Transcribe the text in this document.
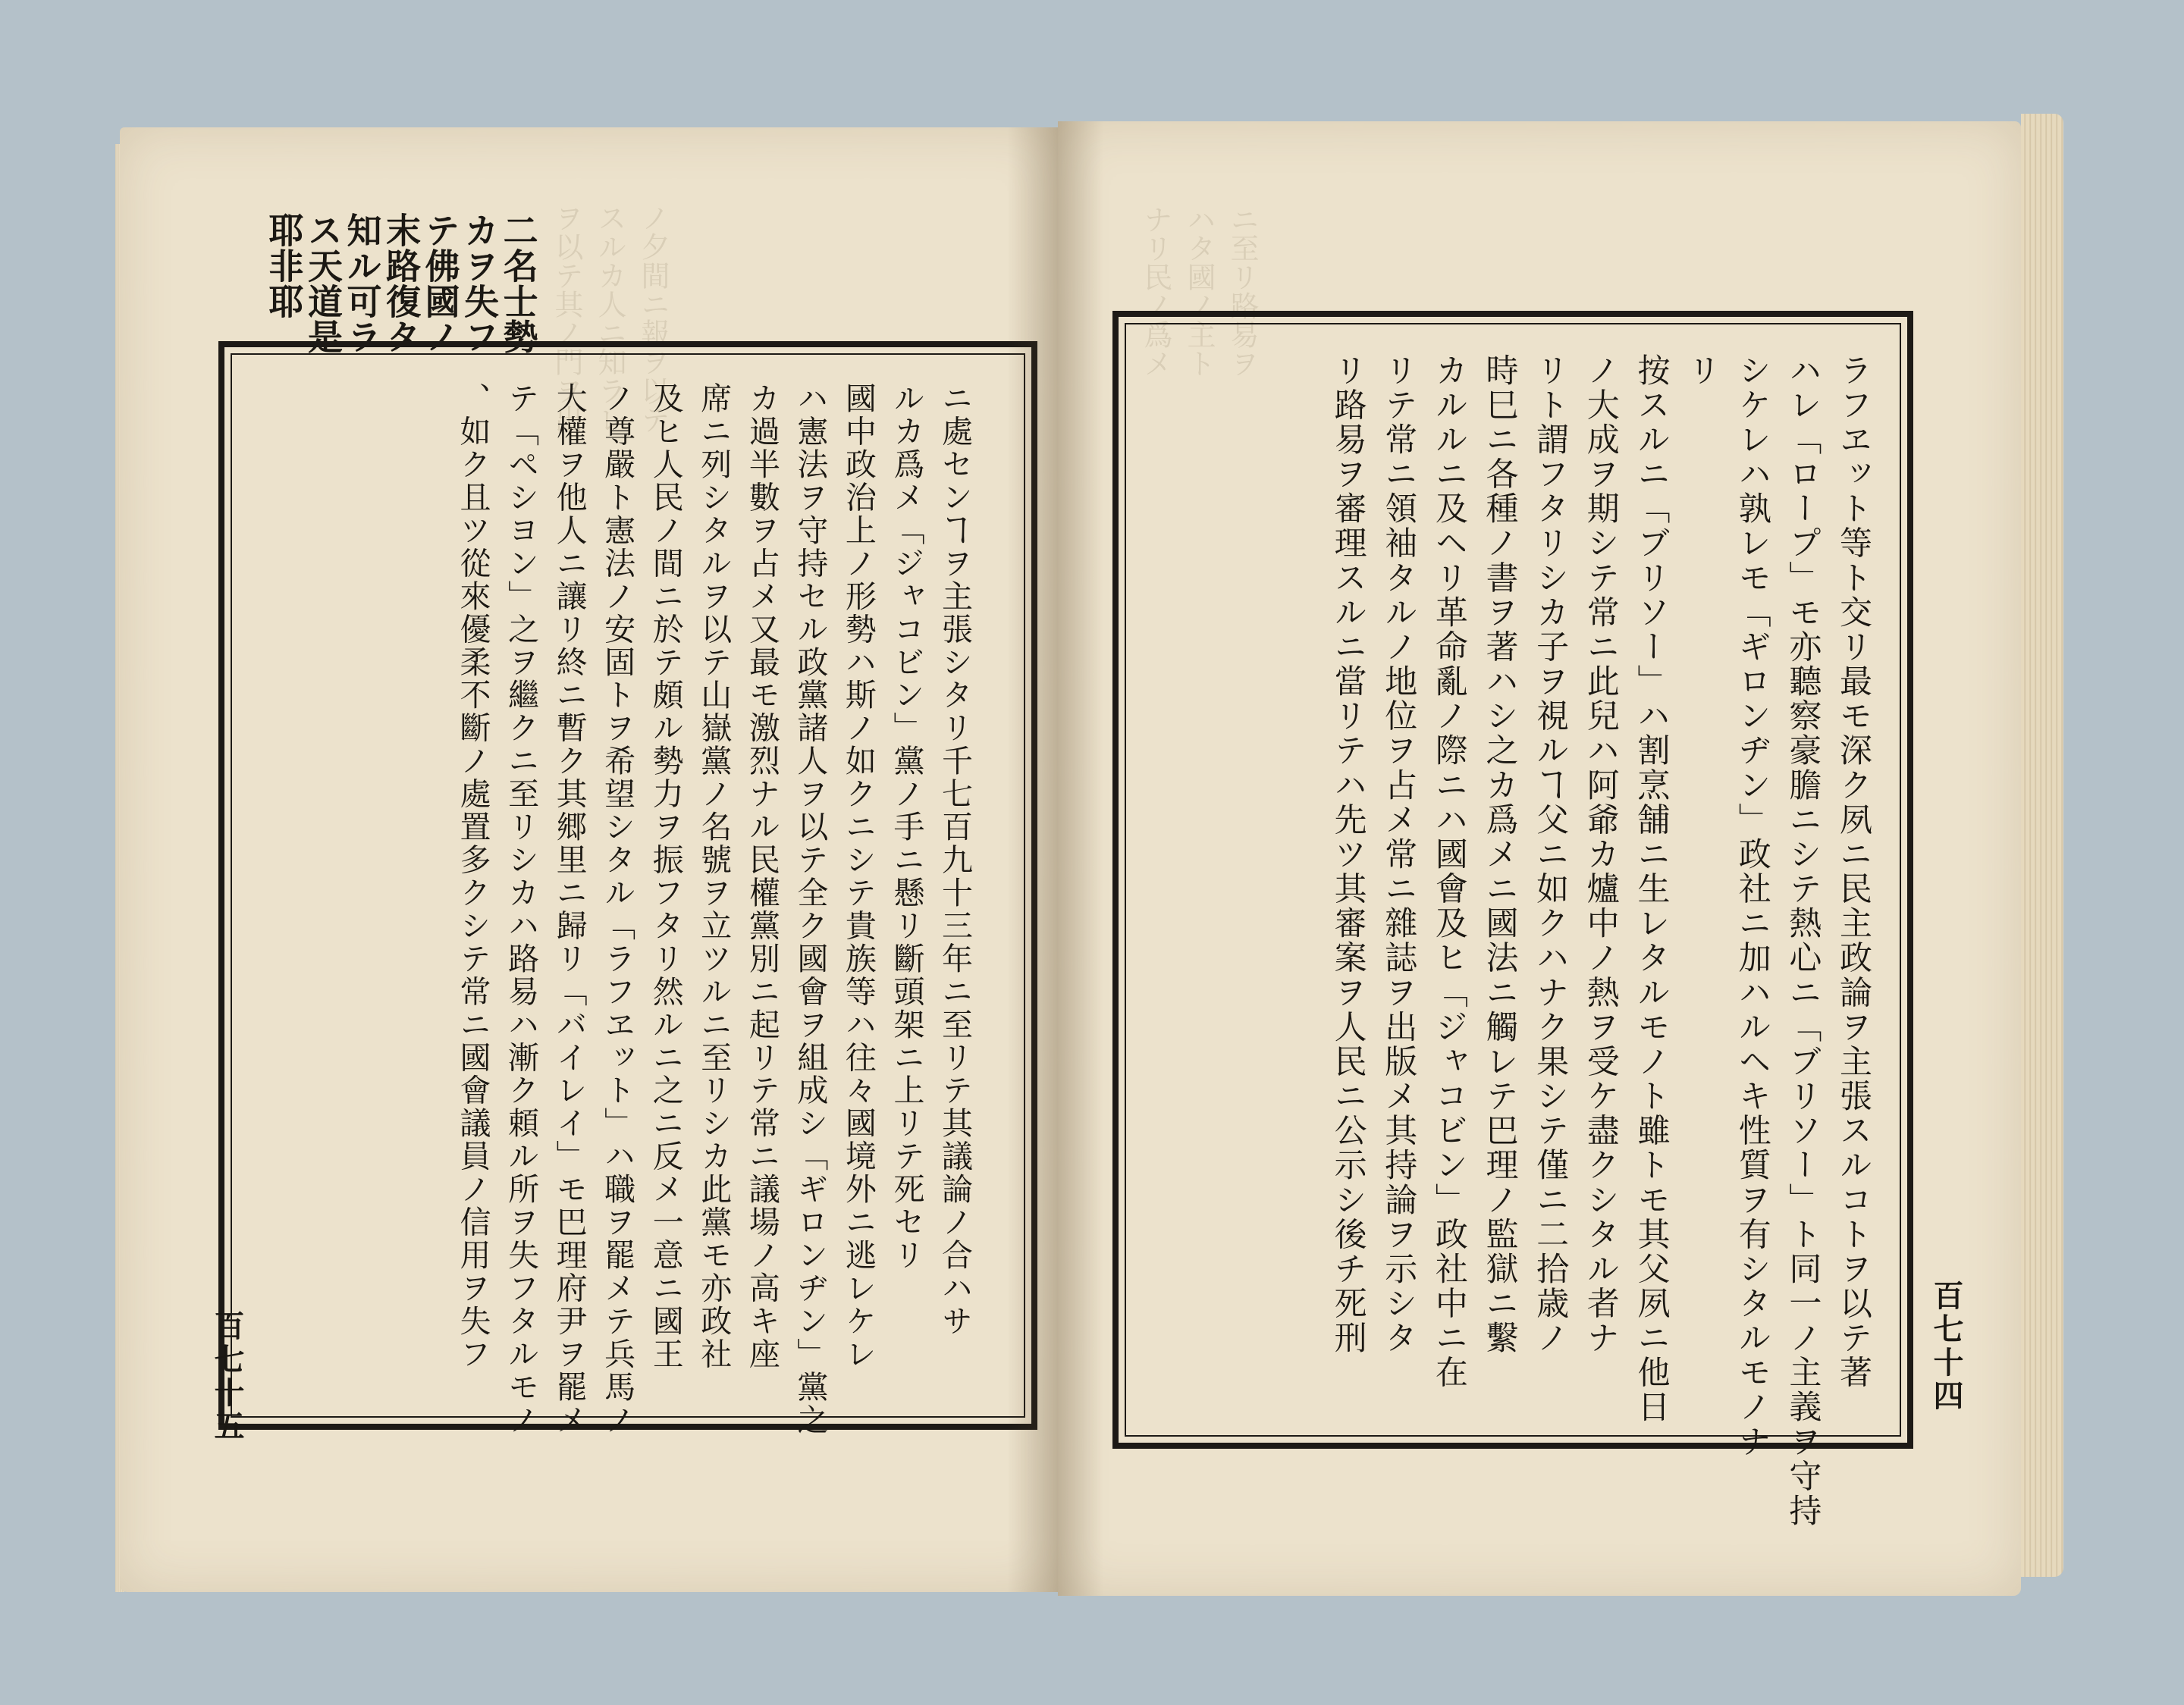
ノ夕間ニ報ヲ以テ
スルカ人ニ知ラレ
ヲ以テ其ノ門ヲ出
二名士勢
カヲ失フ
テ佛國ノ
末路復タ
知ル可ラ
ス天道是
耶非耶
ニ處センヿヲ主張シタリ千七百九十三年ニ至リテ其議論ノ合ハサ
ルカ爲メ「ジャコビン」黨ノ手ニ懸リ斷頭架ニ上リテ死セリ
國中政治上ノ形勢ハ斯ノ如クニシテ貴族等ハ往々國境外ニ逃レケレ
ハ憲法ヲ守持セル政黨諸人ヲ以テ全ク國會ヲ組成シ「ギロンヂン」黨之
カ過半數ヲ占メ又最モ激烈ナル民權黨別ニ起リテ常ニ議場ノ高キ座
席ニ列シタルヲ以テ山嶽黨ノ名號ヲ立ツルニ至リシカ此黨モ亦政社
及ヒ人民ノ間ニ於テ頗ル勢力ヲ振フタリ然ルニ之ニ反メ一意ニ國王
ノ尊嚴ト憲法ノ安固トヲ希望シタル「ラフヱット」ハ職ヲ罷メテ兵馬ノ
大權ヲ他人ニ讓リ終ニ暫ク其郷里ニ歸リ「バイレイ」モ巴理府尹ヲ罷メ
テ「ペシヨン」之ヲ繼クニ至リシカハ路易ハ漸ク頼ル所ヲ失フタルモノ
、如ク且ツ從來優柔不斷ノ處置多クシテ常ニ國會議員ノ信用ヲ失フ
百七十五
ニ至リ路易ヲ
ハタ國ノ主ト
ナリ民ノ爲メ
ラフヱット等ト交リ最モ深ク夙ニ民主政論ヲ主張スルコトヲ以テ著
ハレ「ロープ」モ亦聽察豪膽ニシテ熱心ニ「ブリソー」ト同一ノ主義ヲ守持
シケレハ孰レモ「ギロンヂン」政社ニ加ハルヘキ性質ヲ有シタルモノナ
リ
按スルニ「ブリソー」ハ割烹舗ニ生レタルモノト雖トモ其父夙ニ他日
ノ大成ヲ期シテ常ニ此兒ハ阿爺カ爐中ノ熱ヲ受ケ盡クシタル者ナ
リト謂フタリシカ子ヲ視ルヿ父ニ如クハナク果シテ僅ニ二拾歳ノ
時巳ニ各種ノ書ヲ著ハシ之カ爲メニ國法ニ觸レテ巴理ノ監獄ニ繫
カルルニ及ヘリ革命亂ノ際ニハ國會及ヒ「ジャコビン」政社中ニ在
リテ常ニ領袖タルノ地位ヲ占メ常ニ雜誌ヲ出版メ其持論ヲ示シタ
リ路易ヲ審理スルニ當リテハ先ツ其審案ヲ人民ニ公示シ後チ死刑	百七十四
